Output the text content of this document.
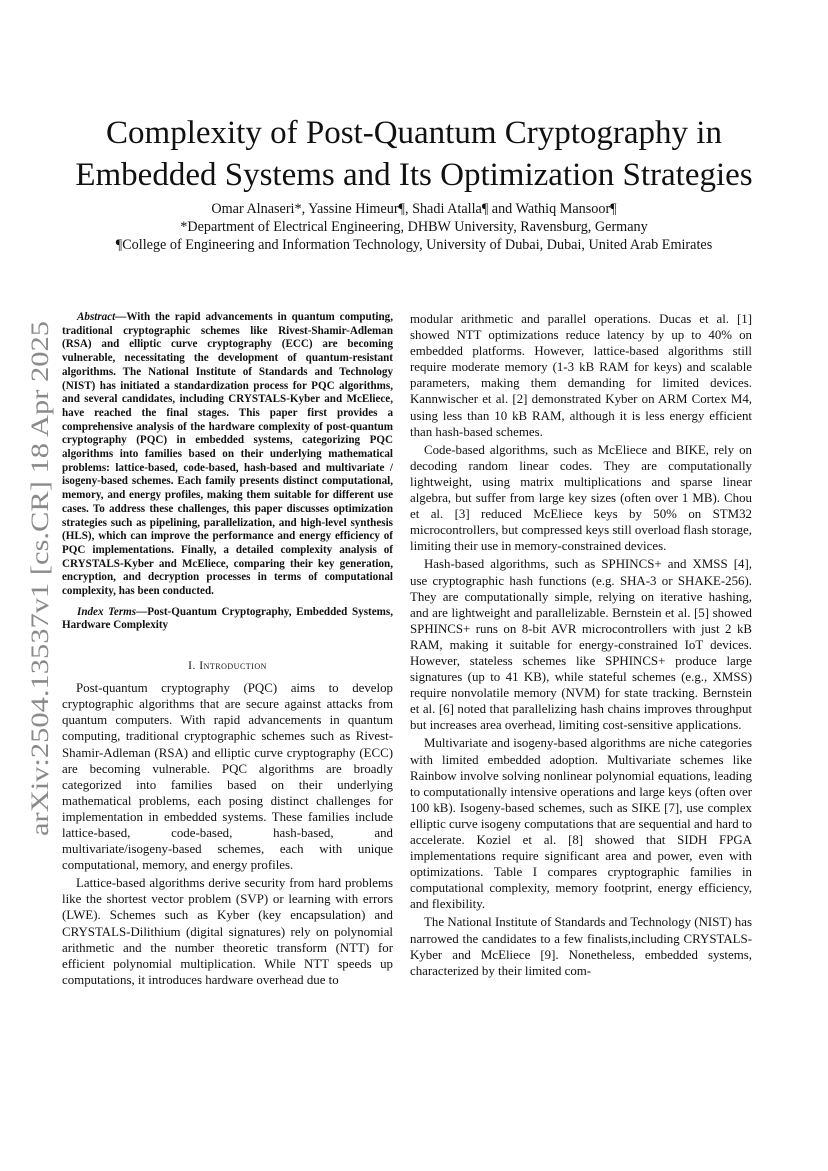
arXiv:2504.13537v1 [cs.CR] 18 Apr 2025
Complexity of Post-Quantum Cryptography in
Embedded Systems and Its Optimization Strategies
Omar Alnaseri*, Yassine Himeur¶, Shadi Atalla¶ and Wathiq Mansoor¶
*Department of Electrical Engineering, DHBW University, Ravensburg, Germany
¶College of Engineering and Information Technology, University of Dubai, Dubai, United Arab Emirates

Abstract—With the rapid advancements in quantum computing, traditional cryptographic schemes like Rivest-Shamir-Adleman (RSA) and elliptic curve cryptography (ECC) are becoming vulnerable, necessitating the development of quantum-resistant algorithms. The National Institute of Standards and Technology (NIST) has initiated a standardization process for PQC algorithms, and several candidates, including CRYSTALS-Kyber and McEliece, have reached the final stages. This paper first provides a comprehensive analysis of the hardware complexity of post-quantum cryptography (PQC) in embedded systems, categorizing PQC algorithms into families based on their underlying mathematical problems: lattice-based, code-based, hash-based and multivariate / isogeny-based schemes. Each family presents distinct computational, memory, and energy profiles, making them suitable for different use cases. To address these challenges, this paper discusses optimization strategies such as pipelining, parallelization, and high-level synthesis (HLS), which can improve the performance and energy efficiency of PQC implementations. Finally, a detailed complexity analysis of CRYSTALS-Kyber and McEliece, comparing their key generation, encryption, and decryption processes in terms of computational complexity, has been conducted.

Index Terms—Post-Quantum Cryptography, Embedded Systems, Hardware Complexity

I. Introduction

Post-quantum cryptography (PQC) aims to develop cryptographic algorithms that are secure against attacks from quantum computers. With rapid advancements in quantum computing, traditional cryptographic schemes such as Rivest-Shamir-Adleman (RSA) and elliptic curve cryptography (ECC) are becoming vulnerable. PQC algorithms are broadly categorized into families based on their underlying mathematical problems, each posing distinct challenges for implementation in embedded systems. These families include lattice-based, code-based, hash-based, and multivariate/isogeny-based schemes, each with unique computational, memory, and energy profiles.

Lattice-based algorithms derive security from hard problems like the shortest vector problem (SVP) or learning with errors (LWE). Schemes such as Kyber (key encapsulation) and CRYSTALS-Dilithium (digital signatures) rely on polynomial arithmetic and the number theoretic transform (NTT) for efficient polynomial multiplication. While NTT speeds up computations, it introduces hardware overhead due to

modular arithmetic and parallel operations. Ducas et al. [1] showed NTT optimizations reduce latency by up to 40% on embedded platforms. However, lattice-based algorithms still require moderate memory (1-3 kB RAM for keys) and scalable parameters, making them demanding for limited devices. Kannwischer et al. [2] demonstrated Kyber on ARM Cortex M4, using less than 10 kB RAM, although it is less energy efficient than hash-based schemes.

Code-based algorithms, such as McEliece and BIKE, rely on decoding random linear codes. They are computationally lightweight, using matrix multiplications and sparse linear algebra, but suffer from large key sizes (often over 1 MB). Chou et al. [3] reduced McEliece keys by 50% on STM32 microcontrollers, but compressed keys still overload flash storage, limiting their use in memory-constrained devices.

Hash-based algorithms, such as SPHINCS+ and XMSS [4], use cryptographic hash functions (e.g. SHA-3 or SHAKE-256). They are computationally simple, relying on iterative hashing, and are lightweight and parallelizable. Bernstein et al. [5] showed SPHINCS+ runs on 8-bit AVR microcontrollers with just 2 kB RAM, making it suitable for energy-constrained IoT devices. However, stateless schemes like SPHINCS+ produce large signatures (up to 41 KB), while stateful schemes (e.g., XMSS) require nonvolatile memory (NVM) for state tracking. Bernstein et al. [6] noted that parallelizing hash chains improves throughput but increases area overhead, limiting cost-sensitive applications.

Multivariate and isogeny-based algorithms are niche categories with limited embedded adoption. Multivariate schemes like Rainbow involve solving nonlinear polynomial equations, leading to computationally intensive operations and large keys (often over 100 kB). Isogeny-based schemes, such as SIKE [7], use complex elliptic curve isogeny computations that are sequential and hard to accelerate. Koziel et al. [8] showed that SIDH FPGA implementations require significant area and power, even with optimizations. Table I compares cryptographic families in computational complexity, memory footprint, energy efficiency, and flexibility.

The National Institute of Standards and Technology (NIST) has narrowed the candidates to a few finalists,including CRYSTALS-Kyber and McEliece [9]. Nonetheless, embedded systems, characterized by their limited com-
